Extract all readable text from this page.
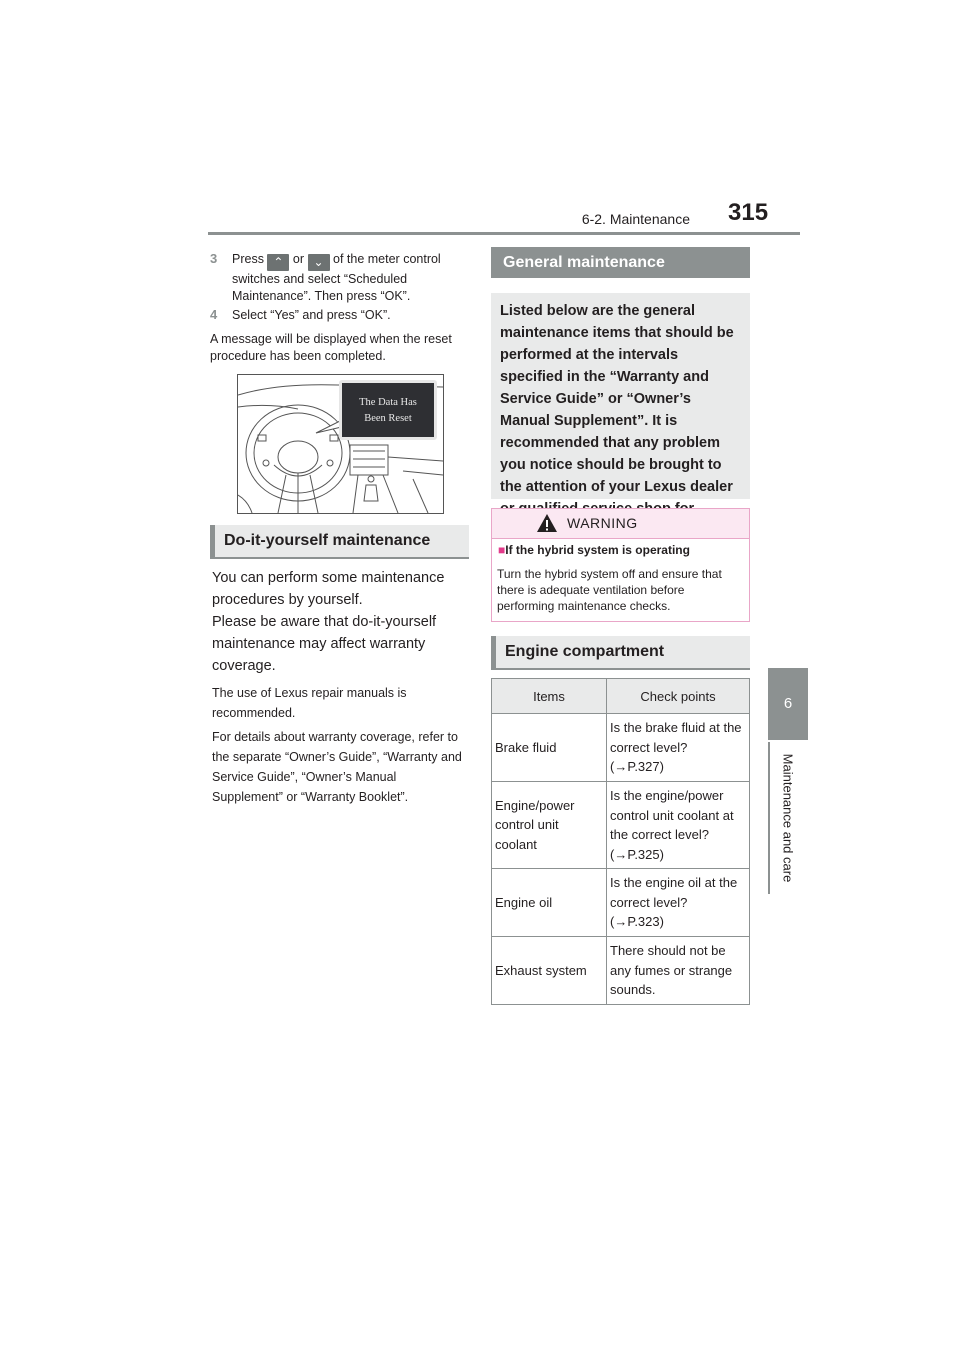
6-2. Maintenance 315
6
Maintenance and care
3	Press ⌃ or ⌄ of the meter control switches and select “Scheduled Maintenance”. Then press “OK”.
4	Select “Yes” and press “OK”.
A message will be displayed when the reset procedure has been completed.
The Data Has
Been Reset
Do-it-yourself maintenance
You can perform some maintenance procedures by yourself.
Please be aware that do-it-yourself maintenance may affect warranty coverage.
The use of Lexus repair manuals is recommended.
For details about warranty coverage, refer to the separate “Owner’s Guide”, “Warranty and Service Guide”, “Owner’s Manual Supplement” or “Warranty Booklet”.
General maintenance
Listed below are the general maintenance items that should be performed at the intervals specified in the “Warranty and Service Guide” or “Owner’s Manual Supplement”. It is recommended that any problem you notice should be brought to the attention of your Lexus dealer
WARNING
■If the hybrid system is operating
Turn the hybrid system off and ensure that there is adequate ventilation before performing maintenance checks.
Engine compartment
Items	Check points
Brake fluid	Is the brake fluid at the correct level?
(→P.327)
Engine/power control unit coolant	Is the engine/power control unit coolant at the correct level?
(→P.325)
Engine oil	Is the engine oil at the correct level?
(→P.323)
Exhaust system	There should not be any fumes or strange sounds.
